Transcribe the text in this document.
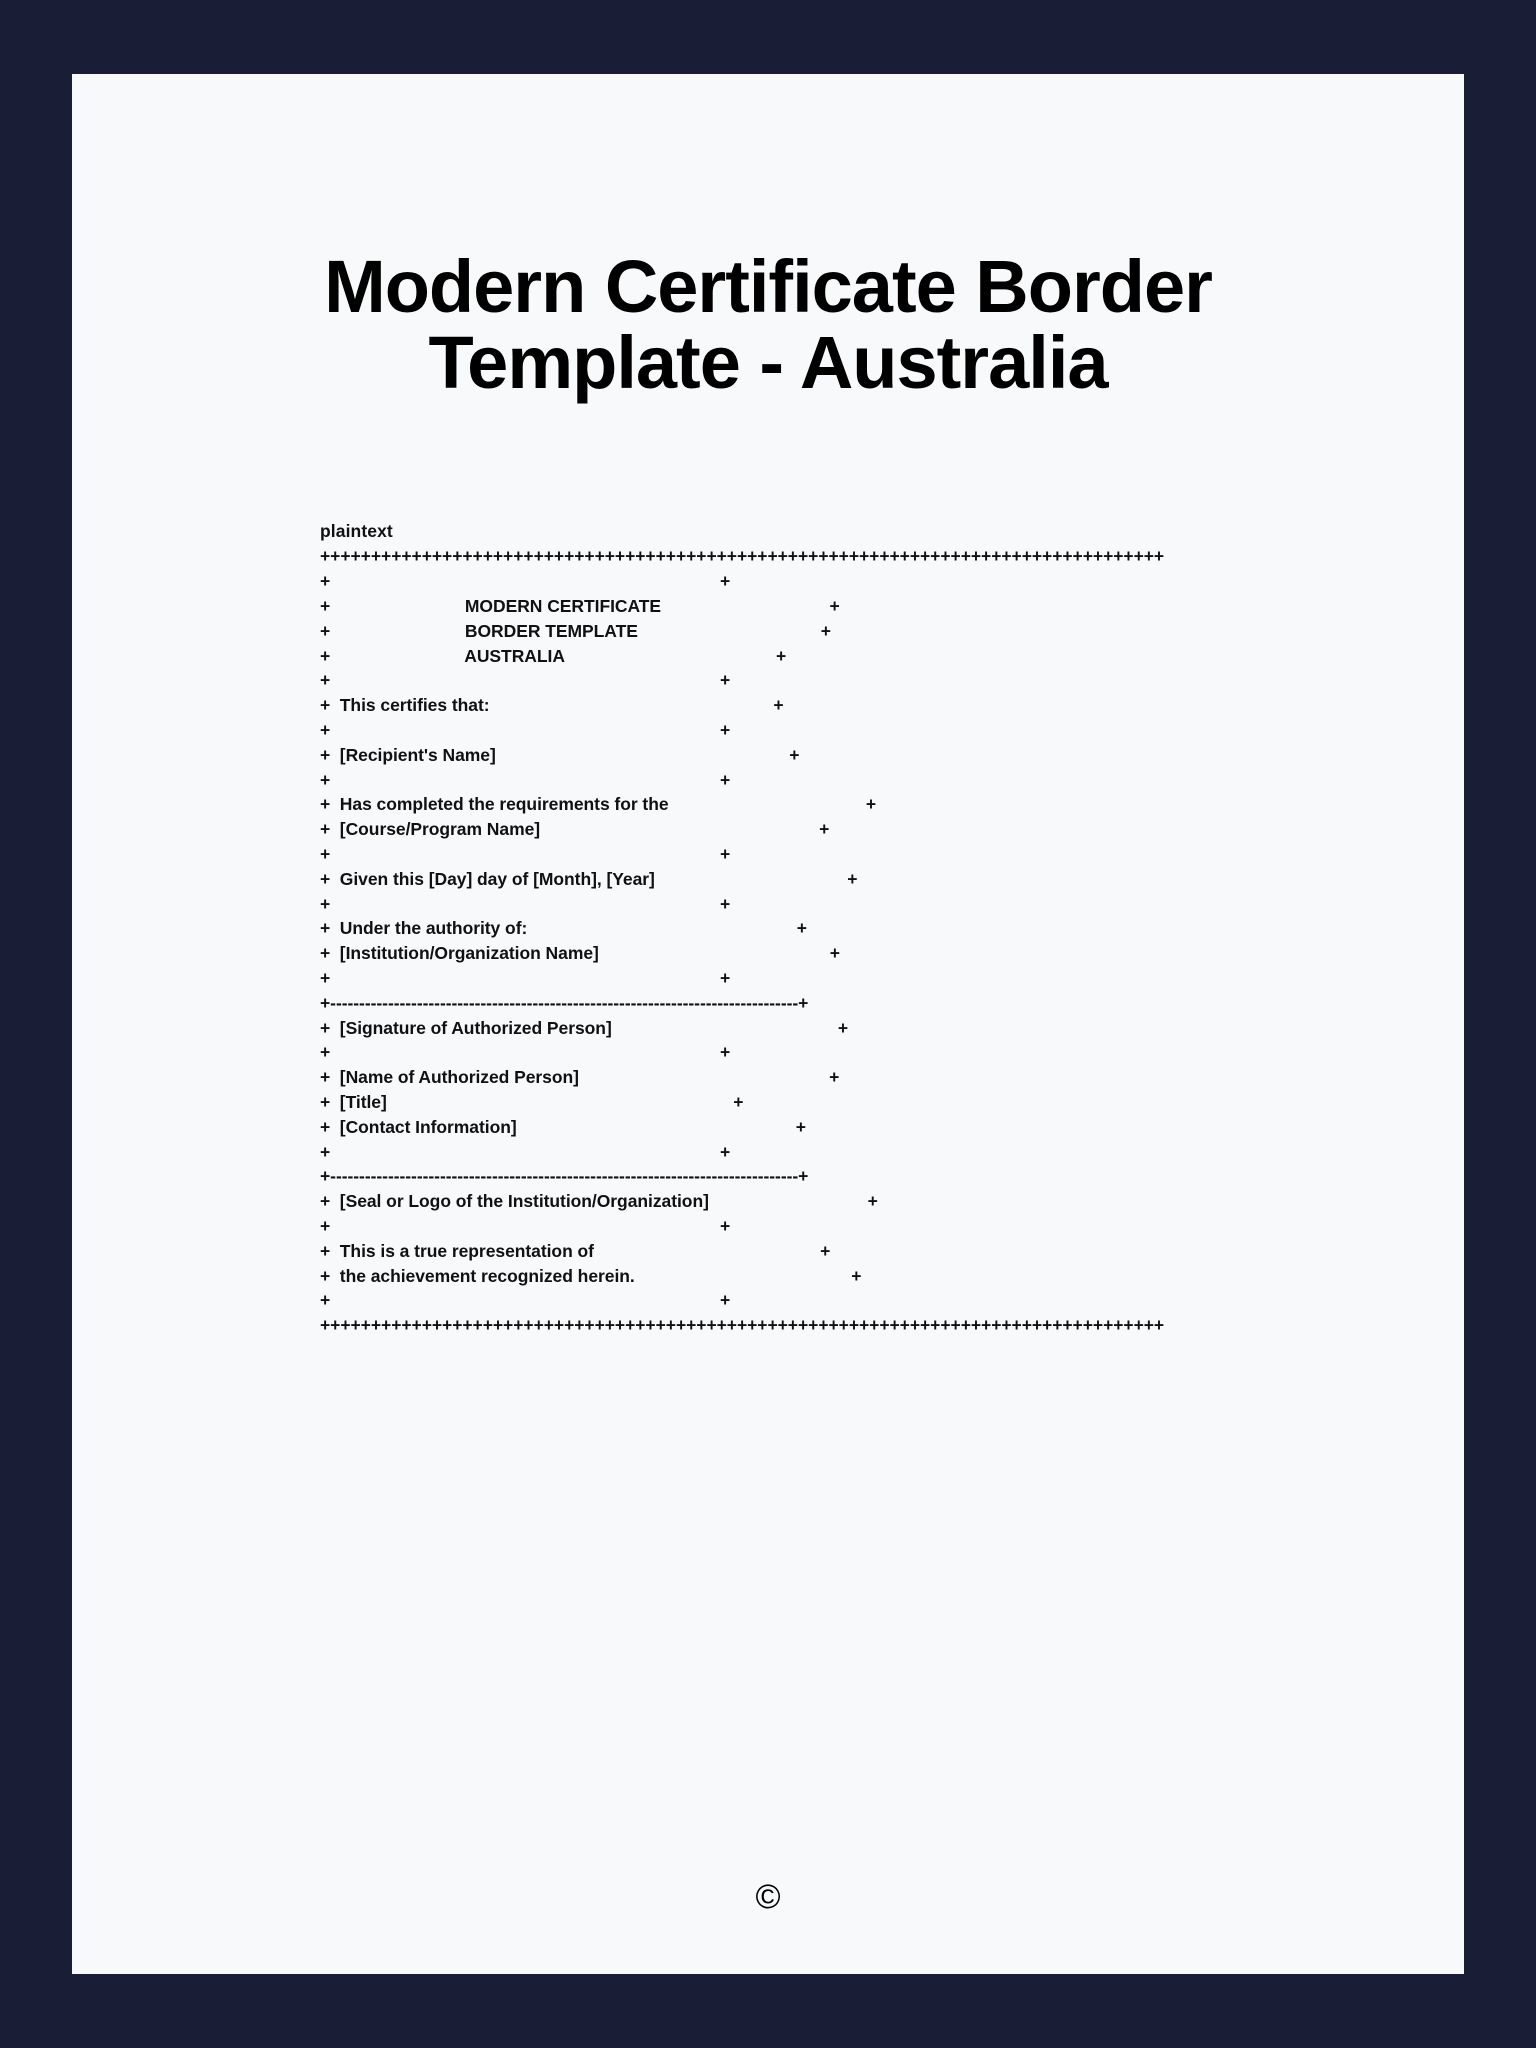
Modern Certificate Border Template - Australia
plaintext
+++++++++++++++++++++++++++++++++++++++++++++++++++++++++++++++++++++++++++++++++++
+                                                                                 +
+                            MODERN CERTIFICATE                                   +
+                            BORDER TEMPLATE                                      +
+                            AUSTRALIA                                            +
+                                                                                 +
+  This certifies that:                                                           +
+                                                                                 +
+  [Recipient's Name]                                                             +
+                                                                                 +
+  Has completed the requirements for the                                         +
+  [Course/Program Name]                                                          +
+                                                                                 +
+  Given this [Day] day of [Month], [Year]                                        +
+                                                                                 +
+  Under the authority of:                                                        +
+  [Institution/Organization Name]                                                +
+                                                                                 +
+---------------------------------------------------------------------------------+
+  [Signature of Authorized Person]                                               +
+                                                                                 +
+  [Name of Authorized Person]                                                    +
+  [Title]                                                                        +
+  [Contact Information]                                                          +
+                                                                                 +
+---------------------------------------------------------------------------------+
+  [Seal or Logo of the Institution/Organization]                                 +
+                                                                                 +
+  This is a true representation of                                               +
+  the achievement recognized herein.                                             +
+                                                                                 +
+++++++++++++++++++++++++++++++++++++++++++++++++++++++++++++++++++++++++++++++++++
©
